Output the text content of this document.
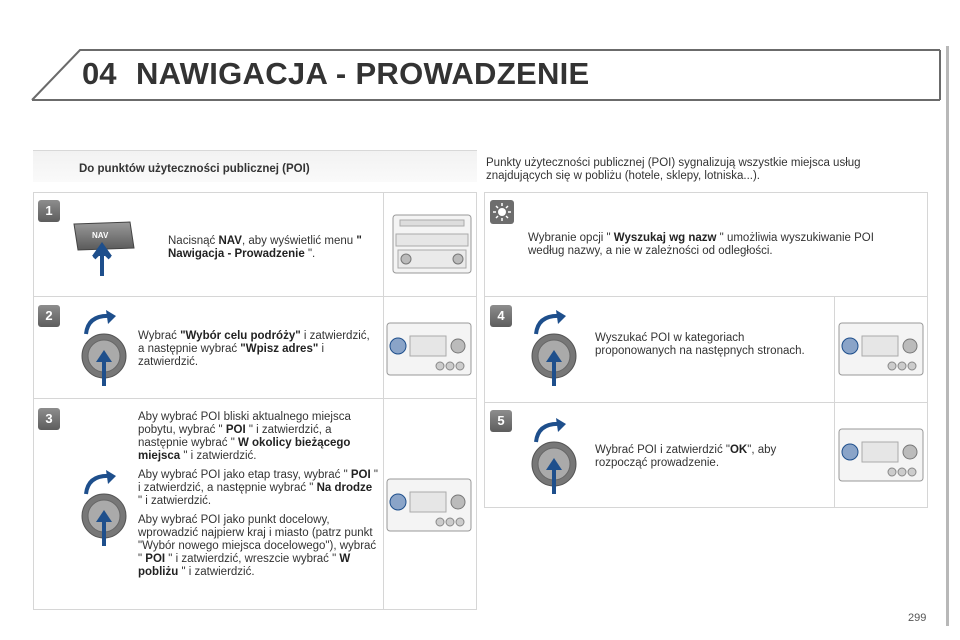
04 NAWIGACJA - PROWADZENIE
Do punktów użyteczności publicznej (POI)	Punkty użyteczności publicznej (POI) sygnalizują wszystkie miejsca usług znajdujących się w pobliżu (hotele, sklepy, lotniska...).
1
NAV	Nacisnąć NAV, aby wyświetlić menu " Nawigacja - Prowadzenie ".
2
Wybrać "Wybór celu podróży" i zatwierdzić, a następnie wybrać "Wpisz adres" i zatwierdzić.
3	Aby wybrać POI bliski aktualnego miejsca pobytu, wybrać " POI " i zatwierdzić, a następnie wybrać " W okolicy bieżącego miejsca " i zatwierdzić.

Aby wybrać POI jako etap trasy, wybrać " POI " i zatwierdzić, a następnie wybrać " Na drodze " i zatwierdzić.

Aby wybrać POI jako punkt docelowy, wprowadzić najpierw kraj i miasto (patrz punkt "Wybór nowego miejsca docelowego"), wybrać " POI " i zatwierdzić, wreszcie wybrać " W pobliżu " i zatwierdzić.

Wybranie opcji " Wyszukaj wg nazw " umożliwia wyszukiwanie POI według nazwy, a nie w zależności od odległości.
4
Wyszukać POI w kategoriach proponowanych na następnych stronach.
5
Wybrać POI i zatwierdzić "OK", aby rozpocząć prowadzenie.
299
